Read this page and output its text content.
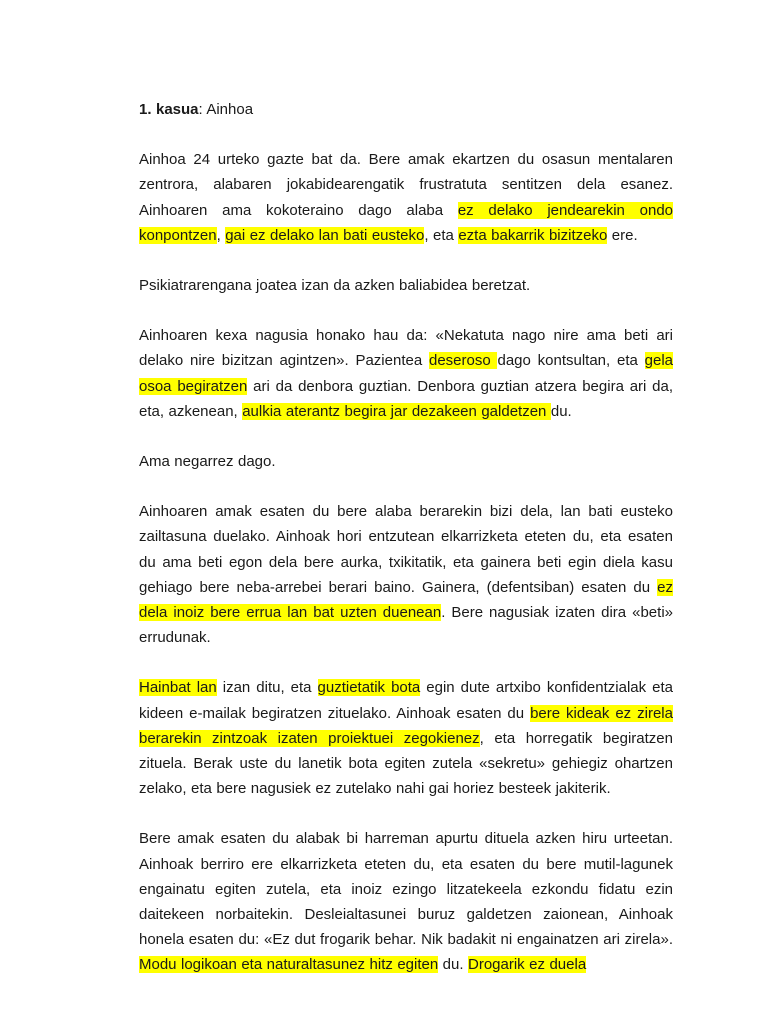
1. kasua: Ainhoa

Ainhoa 24 urteko gazte bat da. Bere amak ekartzen du osasun mentalaren zentrora, alabaren jokabidearengatik frustratuta sentitzen dela esanez. Ainhoaren ama kokoteraino dago alaba ez delako jendearekin ondo konpontzen, gai ez delako lan bati eusteko, eta ezta bakarrik bizitzeko ere.

Psikiatrarengana joatea izan da azken baliabidea beretzat.

Ainhoaren kexa nagusia honako hau da: «Nekatuta nago nire ama beti ari delako nire bizitzan agintzen». Pazientea deseroso dago kontsultan, eta gela osoa begiratzen ari da denbora guztian. Denbora guztian atzera begira ari da, eta, azkenean, aulkia aterantz begira jar dezakeen galdetzen du.

Ama negarrez dago.

Ainhoaren amak esaten du bere alaba berarekin bizi dela, lan bati eusteko zailtasuna duelako. Ainhoak hori entzutean elkarrizketa eteten du, eta esaten du ama beti egon dela bere aurka, txikitatik, eta gainera beti egin diela kasu gehiago bere neba-arrebei berari baino. Gainera, (defentsiban) esaten du ez dela inoiz bere errua lan bat uzten duenean. Bere nagusiak izaten dira «beti» errudunak.

Hainbat lan izan ditu, eta guztietatik bota egin dute artxibo konfidentzialak eta kideen e-mailak begiratzen zituelako. Ainhoak esaten du bere kideak ez zirela berarekin zintzoak izaten proiektuei zegokienez, eta horregatik begiratzen zituela. Berak uste du lanetik bota egiten zutela «sekretu» gehiegiz ohartzen zelako, eta bere nagusiek ez zutelako nahi gai horiez besteek jakiterik.

Bere amak esaten du alabak bi harreman apurtu dituela azken hiru urteetan. Ainhoak berriro ere elkarrizketa eteten du, eta esaten du bere mutil-lagunek engainatu egiten zutela, eta inoiz ezingo litzatekeela ezkondu fidatu ezin daitekeen norbaitekin. Desleialtasunei buruz galdetzen zaionean, Ainhoak honela esaten du: «Ez dut frogarik behar. Nik badakit ni engainatzen ari zirela». Modu logikoan eta naturaltasunez hitz egiten du. Drogarik ez duela
